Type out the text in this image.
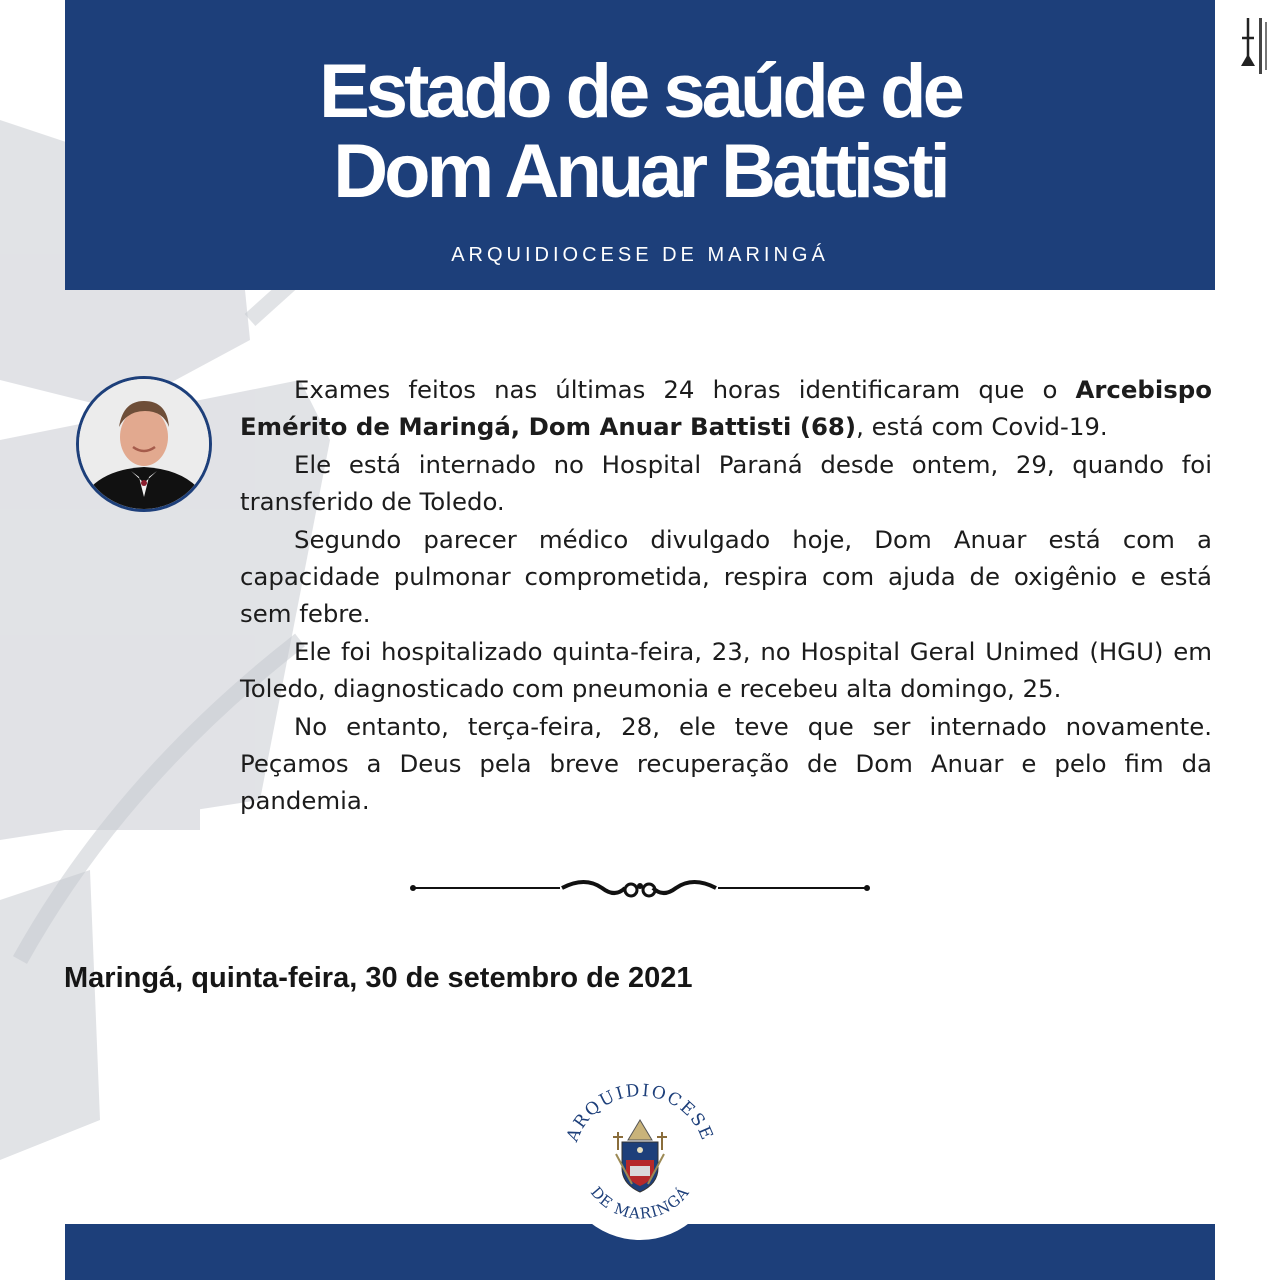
Estado de saúde de
Dom Anuar Battisti
ARQUIDIOCESE DE MARINGÁ

Exames feitos nas últimas 24 horas identificaram que o Arcebispo Emérito de Maringá, Dom Anuar Battisti (68), está com Covid-19.

Ele está internado no Hospital Paraná desde ontem, 29, quando foi transferido de Toledo.

Segundo parecer médico divulgado hoje, Dom Anuar está com a capacidade pulmonar comprometida, respira com ajuda de oxigênio e está sem febre.

Ele foi hospitalizado quinta-feira, 23, no Hospital Geral Unimed (HGU) em Toledo, diagnosticado com pneumonia e recebeu alta domingo, 25.

No entanto, terça-feira, 28, ele teve que ser internado novamente. Peçamos a Deus pela breve recuperação de Dom Anuar e pelo fim da pandemia.

Maringá, quinta-feira, 30 de setembro de 2021
ARQUIDIOCESE
DE MARINGÁ
